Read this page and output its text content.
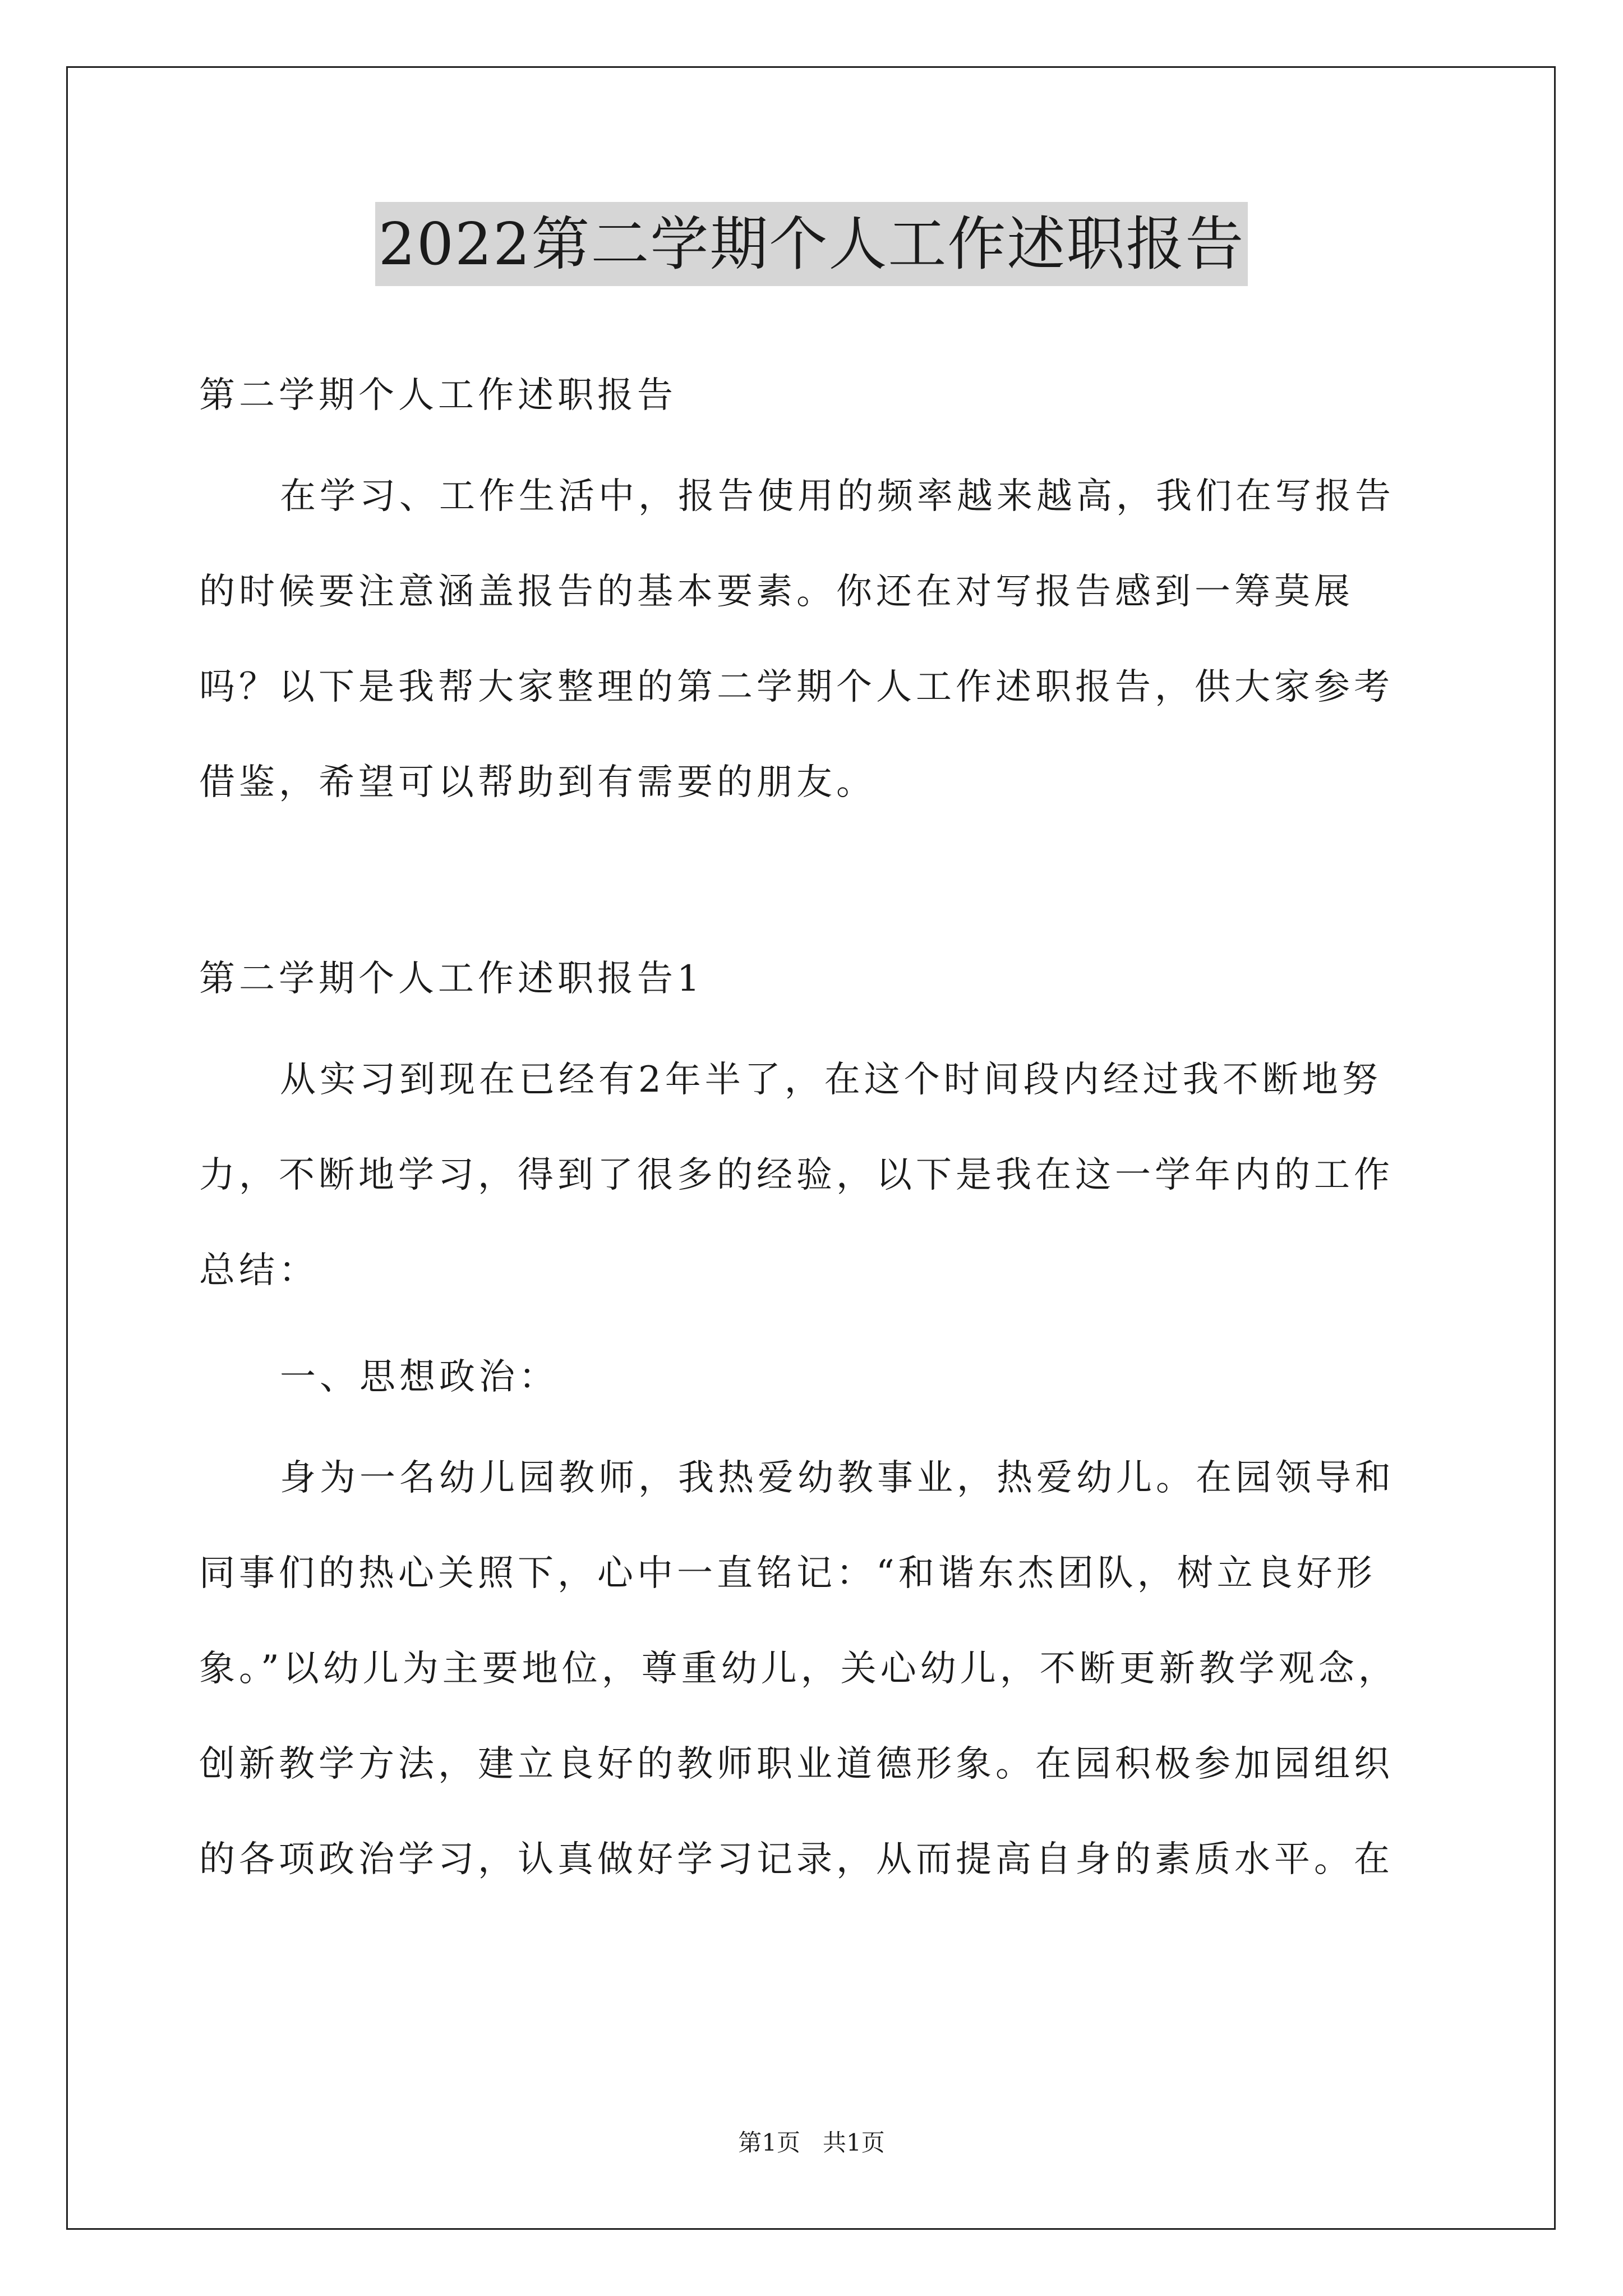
2022第二学期个人工作述职报告

第二学期个人工作述职报告

在学习、工作生活中，报告使用的频率越来越高，我们在写报告的时候要注意涵盖报告的基本要素。你还在对写报告感到一筹莫展吗？以下是我帮大家整理的第二学期个人工作述职报告，供大家参考借鉴，希望可以帮助到有需要的朋友。

第二学期个人工作述职报告1

从实习到现在已经有2年半了，在这个时间段内经过我不断地努力，不断地学习，得到了很多的经验，以下是我在这一学年内的工作总结：

一、思想政治：

身为一名幼儿园教师，我热爱幼教事业，热爱幼儿。在园领导和同事们的热心关照下，心中一直铭记：“和谐东杰团队，树立良好形象。”以幼儿为主要地位，尊重幼儿，关心幼儿，不断更新教学观念，创新教学方法，建立良好的教师职业道德形象。在园积极参加园组织的各项政治学习，认真做好学习记录，从而提高自身的素质水平。在

第1页 共1页
